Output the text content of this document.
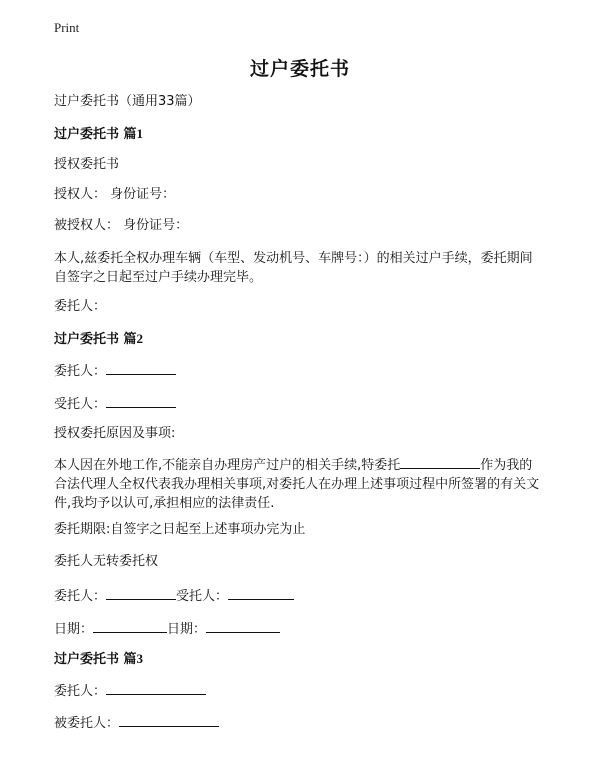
Print
过户委托书
过户委托书（通用33篇）
过户委托书 篇1
授权委托书
授权人： 身份证号：
被授权人： 身份证号：
本人,兹委托全权办理车辆（车型、发动机号、车牌号：）的相关过户手续，委托期间自签字之日起至过户手续办理完毕。
委托人：
过户委托书 篇2
委托人：
受托人：
授权委托原因及事项:
本人因在外地工作,不能亲自办理房产过户的相关手续,特委托	作为我的合法代理人全权代表我办理相关事项,对委托人在办理上述事项过程中所签署的有关文件,我均予以认可,承担相应的法律责任.
委托期限:自签字之日起至上述事项办完为止
委托人无转委托权
委托人：	受托人：
日期：	日期：
过户委托书 篇3
委托人：
被委托人：
